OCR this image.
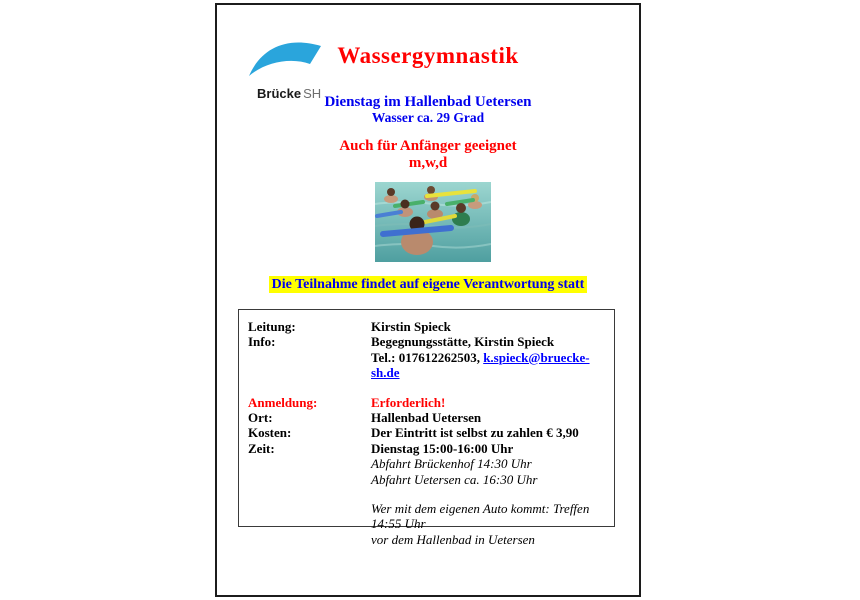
Brücke SH
Wassergymnastik
Dienstag im Hallenbad Uetersen
Wasser ca. 29 Grad
Auch für Anfänger geeignet
m,w,d
Die Teilnahme findet auf eigene Verantwortung statt
Leitung:	Kirstin Spieck
Info:	Begegnungsstätte, Kirstin Spieck
Tel.: 017612262503, k.spieck@bruecke-sh.de
Anmeldung:	Erforderlich!
Ort:	Hallenbad Uetersen
Kosten:	Der Eintritt ist selbst zu zahlen € 3,90
Zeit:	Dienstag 15:00-16:00 Uhr
Abfahrt Brückenhof 14:30 Uhr
Abfahrt Uetersen ca. 16:30 Uhr
Wer mit dem eigenen Auto kommt: Treffen 14:55 Uhr
vor dem Hallenbad in Uetersen
